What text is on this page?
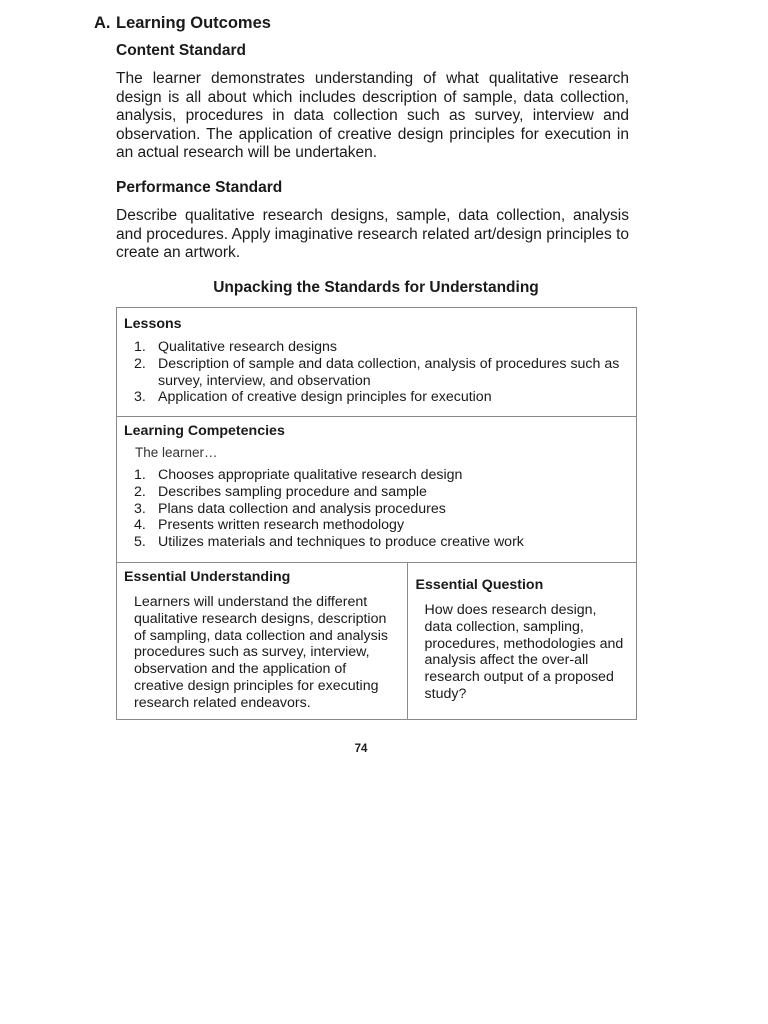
A. Learning Outcomes
Content Standard

The learner demonstrates understanding of what qualitative research design is all about which includes description of sample, data collection, analysis, procedures in data collection such as survey, interview and observation. The application of creative design principles for execution in an actual research will be undertaken.

Performance Standard

Describe qualitative research designs, sample, data collection, analysis and procedures. Apply imaginative research related art/design principles to create an artwork.

Unpacking the Standards for Understanding
Lessons
1. Qualitative research designs
2. Description of sample and data collection, analysis of procedures such as survey, interview, and observation
3. Application of creative design principles for execution

Learning Competencies
The learner…
1. Chooses appropriate qualitative research design
2. Describes sampling procedure and sample
3. Plans data collection and analysis procedures
4. Presents written research methodology
5. Utilizes materials and techniques to produce creative work

Essential Understanding

Learners will understand the different qualitative research designs, description of sampling, data collection and analysis procedures such as survey, interview, observation and the application of creative design principles for executing research related endeavors.

Essential Question

How does research design, data collection, sampling, procedures, methodologies and analysis affect the over-all research output of a proposed study?

74
